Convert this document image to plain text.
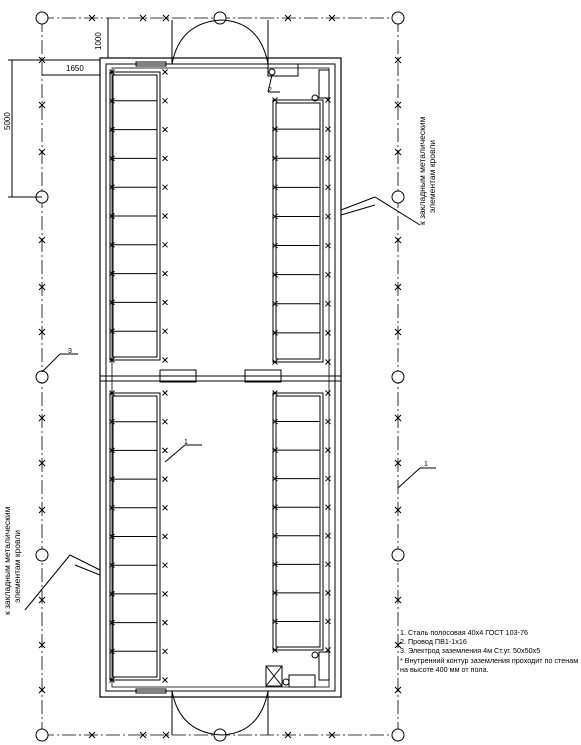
1000
1650
5000
1
1
2
3
к закладным металическим элементам кровли
к закладным металическим элементам кровли
1. Сталь полосовая 40х4 ГОСТ 103-76
2. Провод ПВ1-1х16
3. Электрод заземления 4м Ст.уг. 50х50х5
* Внутренний контур заземления проходит по стенам
на высоте 400 мм от пола.
